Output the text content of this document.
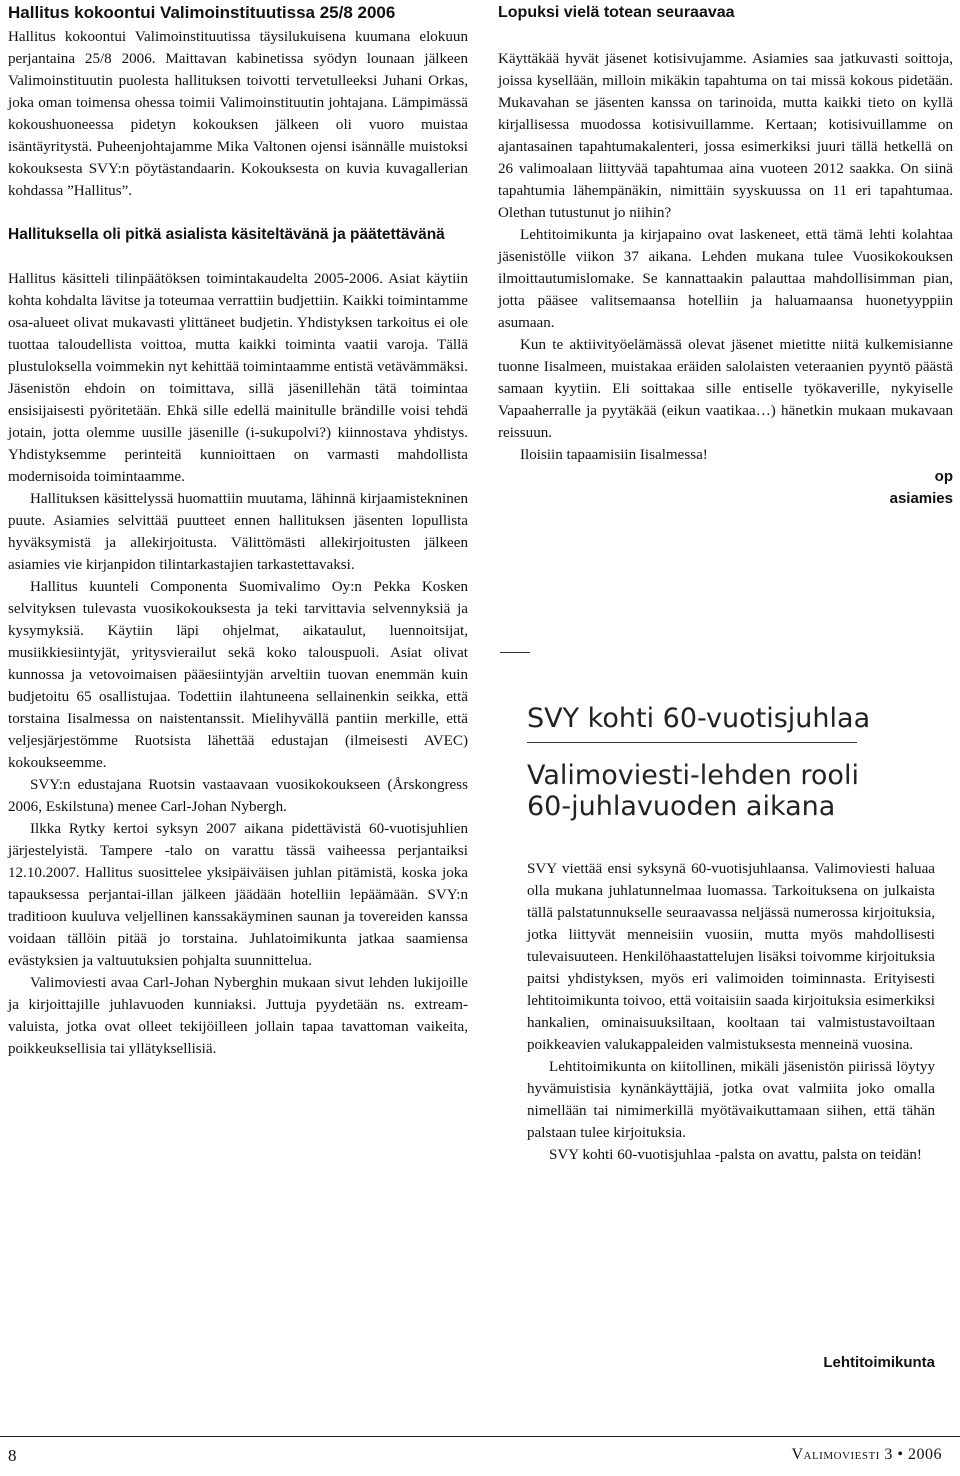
Hallitus kokoontui Valimoinstituutissa 25/8 2006

Hallitus kokoontui Valimoinstituutissa täysilukuisena kuumana elokuun perjantaina 25/8 2006. Maittavan kabinetissa syödyn lounaan jälkeen Valimoinstituutin puolesta hallituksen toivotti tervetulleeksi Juhani Orkas, joka oman toimensa ohessa toimii Valimoinstituutin johtajana. Lämpimässä kokoushuoneessa pidetyn kokouksen jälkeen oli vuoro muistaa isäntäyritystä. Puheenjohtajamme Mika Valtonen ojensi isännälle muistoksi kokouksesta SVY:n pöytästandaarin. Kokouksesta on kuvia kuvagallerian kohdassa ”Hallitus”.

Hallituksella oli pitkä asialista käsiteltävänä ja päätettävänä

Hallitus käsitteli tilinpäätöksen toimintakaudelta 2005-2006. Asiat käytiin kohta kohdalta lävitse ja toteumaa verrattiin budjettiin. Kaikki toimintamme osa-alueet olivat mukavasti ylittäneet budjetin. Yhdistyksen tarkoitus ei ole tuottaa taloudellista voittoa, mutta kaikki toiminta vaatii varoja. Tällä plustuloksella voimmekin nyt kehittää toimintaamme entistä vetävämmäksi. Jäsenistön ehdoin on toimittava, sillä jäsenillehän tätä toimintaa ensisijaisesti pyöritetään. Ehkä sille edellä mainitulle brändille voisi tehdä jotain, jotta olemme uusille jäsenille (i-sukupolvi?) kiinnostava yhdistys. Yhdistyksemme perinteitä kunnioittaen on varmasti mahdollista modernisoida toimintaamme.

Hallituksen käsittelyssä huomattiin muutama, lähinnä kirjaamistekninen puute. Asiamies selvittää puutteet ennen hallituksen jäsenten lopullista hyväksymistä ja allekirjoitusta. Välittömästi allekirjoitusten jälkeen asiamies vie kirjanpidon tilintarkastajien tarkastettavaksi.

Hallitus kuunteli Componenta Suomivalimo Oy:n Pekka Kosken selvityksen tulevasta vuosikokouksesta ja teki tarvittavia selvennyksiä ja kysymyksiä. Käytiin läpi ohjelmat, aikataulut, luennoitsijat, musiikkiesiintyjät, yritysvierailut sekä koko talouspuoli. Asiat olivat kunnossa ja vetovoimaisen pääesiintyjän arveltiin tuovan enemmän kuin budjetoitu 65 osallistujaa. Todettiin ilahtuneena sellainenkin seikka, että torstaina Iisalmessa on naistentanssit. Mielihyvällä pantiin merkille, että veljesjärjestömme Ruotsista lähettää edustajan (ilmeisesti AVEC) kokoukseemme.

SVY:n edustajana Ruotsin vastaavaan vuosikokoukseen (Årskongress 2006, Eskilstuna) menee Carl-Johan Nybergh.

Ilkka Rytky kertoi syksyn 2007 aikana pidettävistä 60-vuotisjuhlien järjestelyistä. Tampere -talo on varattu tässä vaiheessa perjantaiksi 12.10.2007. Hallitus suosittelee yksipäiväisen juhlan pitämistä, koska joka tapauksessa perjantai-illan jälkeen jäädään hotelliin lepäämään. SVY:n traditioon kuuluva veljellinen kanssakäyminen saunan ja tovereiden kanssa voidaan tällöin pitää jo torstaina. Juhlatoimikunta jatkaa saamiensa evästyksien ja valtuutuksien pohjalta suunnittelua.

Valimoviesti avaa Carl-Johan Nyberghin mukaan sivut lehden lukijoille ja kirjoittajille juhlavuoden kunniaksi. Juttuja pyydetään ns. extream-valuista, jotka ovat olleet tekijöilleen jollain tapaa tavattoman vaikeita, poikkeuksellisia tai yllätyksellisiä.

Lopuksi vielä totean seuraavaa

Käyttäkää hyvät jäsenet kotisivujamme. Asiamies saa jatkuvasti soittoja, joissa kysellään, milloin mikäkin tapahtuma on tai missä kokous pidetään. Mukavahan se jäsenten kanssa on tarinoida, mutta kaikki tieto on kyllä kirjallisessa muodossa kotisivuillamme. Kertaan; kotisivuillamme on ajantasainen tapahtumakalenteri, jossa esimerkiksi juuri tällä hetkellä on 26 valimoalaan liittyvää tapahtumaa aina vuoteen 2012 saakka. On siinä tapahtumia lähempänäkin, nimittäin syyskuussa on 11 eri tapahtumaa. Olethan tutustunut jo niihin?

Lehtitoimikunta ja kirjapaino ovat laskeneet, että tämä lehti kolahtaa jäsenistölle viikon 37 aikana. Lehden mukana tulee Vuosikokouksen ilmoittautumislomake. Se kannattaakin palauttaa mahdollisimman pian, jotta pääsee valitsemaansa hotelliin ja haluamaansa huonetyyppiin asumaan.

Kun te aktiivityöelämässä olevat jäsenet mietitte niitä kulkemisianne tuonne Iisalmeen, muistakaa eräiden salolaisten veteraanien pyyntö päästä samaan kyytiin. Eli soittakaa sille entiselle työkaverille, nykyiselle Vapaaherralle ja pyytäkää (eikun vaatikaa…) hänetkin mukaan mukavaan reissuun.

Iloisiin tapaamisiin Iisalmessa!

op
asiamies
SVY kohti 60-vuotisjuhlaa
Valimoviesti-lehden rooli
60-juhlavuoden aikana

SVY viettää ensi syksynä 60-vuotisjuhlaansa. Valimoviesti haluaa olla mukana juhlatunnelmaa luomassa. Tarkoituksena on julkaista tällä palstatunnukselle seuraavassa neljässä numerossa kirjoituksia, jotka liittyvät menneisiin vuosiin, mutta myös mahdollisesti tulevaisuuteen. Henkilöhaastattelujen lisäksi toivomme kirjoituksia paitsi yhdistyksen, myös eri valimoiden toiminnasta. Erityisesti lehtitoimikunta toivoo, että voitaisiin saada kirjoituksia esimerkiksi hankalien, ominaisuuksiltaan, kooltaan tai valmistustavoiltaan poikkeavien valukappaleiden valmistuksesta menneinä vuosina.

Lehtitoimikunta on kiitollinen, mikäli jäsenistön piirissä löytyy hyvämuistisia kynänkäyttäjiä, jotka ovat valmiita joko omalla nimellään tai nimimerkillä myötävaikuttamaan siihen, että tähän palstaan tulee kirjoituksia.

SVY kohti 60-vuotisjuhlaa -palsta on avattu, palsta on teidän!

Lehtitoimikunta
8	Valimoviesti 3 • 2006
